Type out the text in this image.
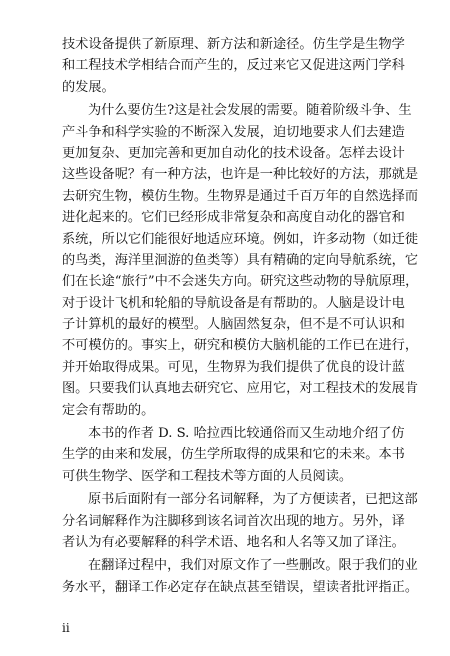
技术设备提供了新原理、新方法和新途径。仿生学是生物学
和工程技术学相结合而产生的，反过来它又促进这两门学科
的发展。
为什么要仿生?这是社会发展的需要。随着阶级斗争、生
产斗争和科学实验的不断深入发展，迫切地要求人们去建造
更加复杂、更加完善和更加自动化的技术设备。怎样去设计
这些设备呢？有一种方法，也许是一种比较好的方法，那就是
去研究生物，模仿生物。生物界是通过千百万年的自然选择而
进化起来的。它们已经形成非常复杂和高度自动化的器官和
系统，所以它们能很好地适应环境。例如，许多动物（如迁徙
的鸟类，海洋里洄游的鱼类等）具有精确的定向导航系统，它
们在长途“旅行”中不会迷失方向。研究这些动物的导航原理，
对于设计飞机和轮船的导航设备是有帮助的。人脑是设计电
子计算机的最好的模型。人脑固然复杂，但不是不可认识和
不可模仿的。事实上，研究和模仿大脑机能的工作已在进行，
并开始取得成果。可见，生物界为我们提供了优良的设计蓝
图。只要我们认真地去研究它、应用它，对工程技术的发展肯
定会有帮助的。
本书的作者 D. S. 哈拉西比较通俗而又生动地介绍了仿
生学的由来和发展，仿生学所取得的成果和它的未来。本书
可供生物学、医学和工程技术等方面的人员阅读。
原书后面附有一部分名词解释，为了方便读者，已把这部
分名词解释作为注脚移到该名词首次出现的地方。另外，译
者认为有必要解释的科学术语、地名和人名等又加了译注。
在翻译过程中，我们对原文作了一些删改。限于我们的业
务水平，翻译工作必定存在缺点甚至错误，望读者批评指正。
ii
